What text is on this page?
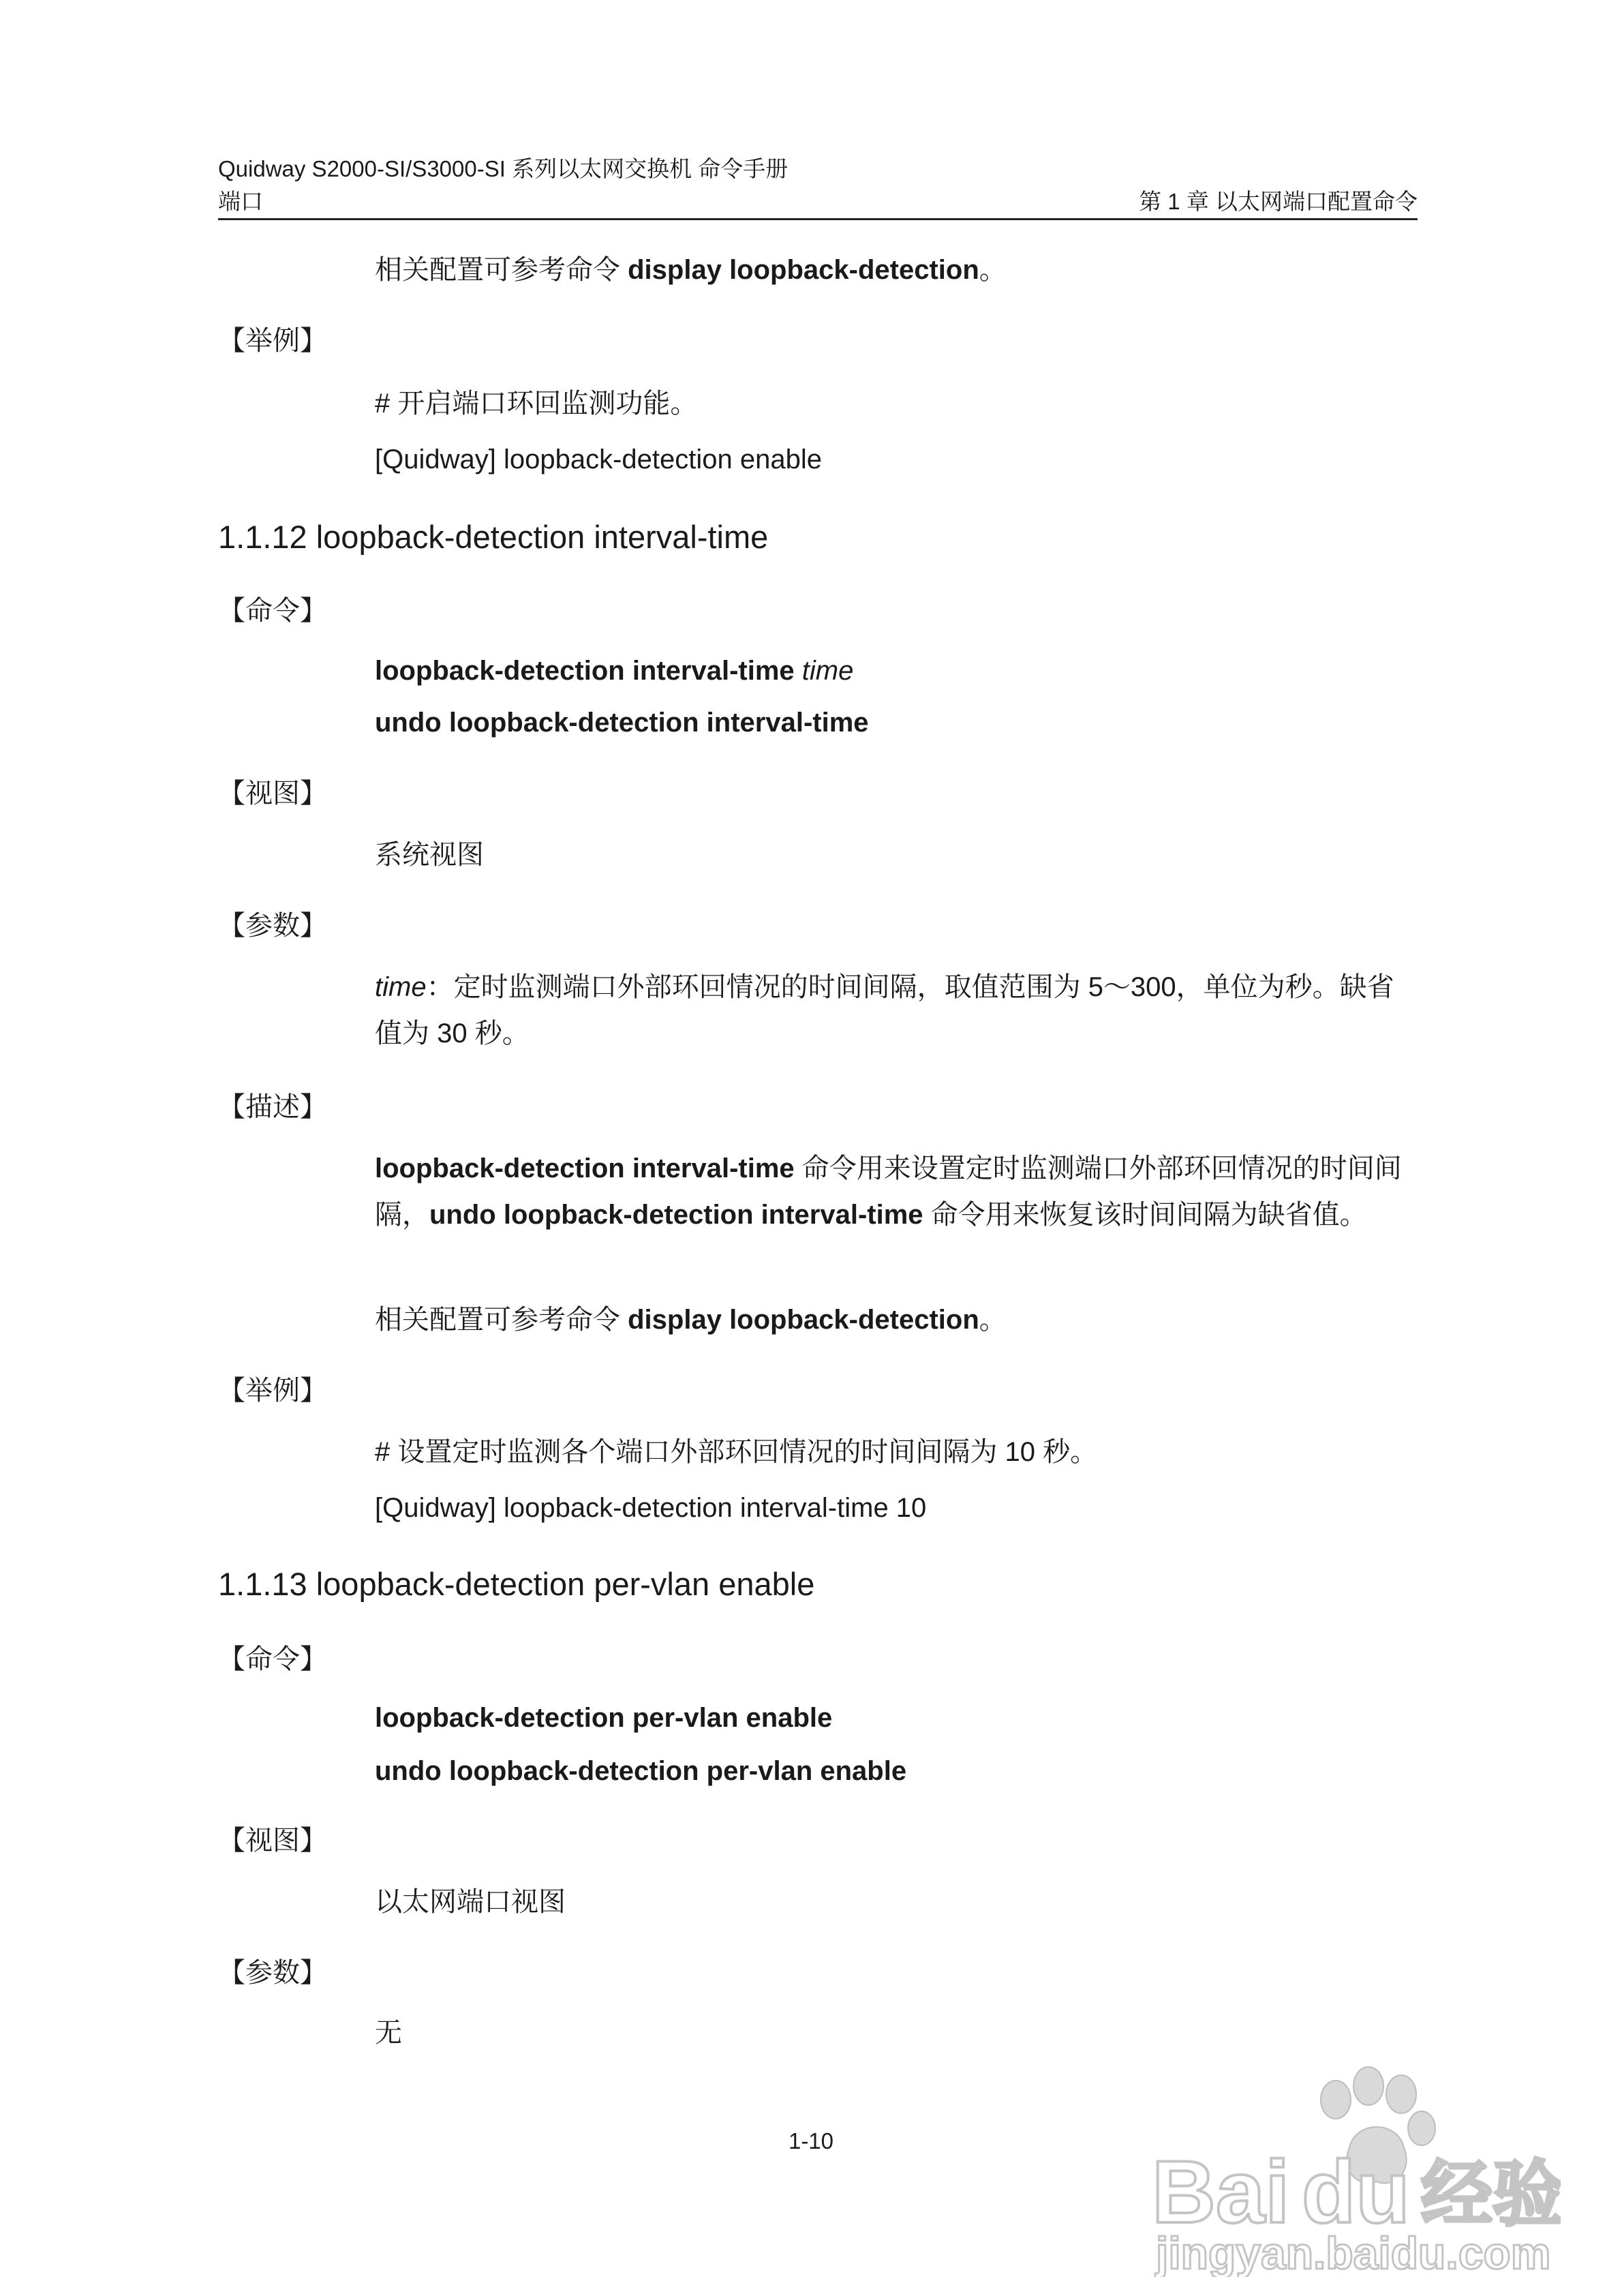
Quidway S2000-SI/S3000-SI 系列以太网交换机 命令手册
端口	第 1 章 以太网端口配置命令
相关配置可参考命令 display loopback-detection。
【举例】
# 开启端口环回监测功能。
[Quidway] loopback-detection enable
1.1.12 loopback-detection interval-time
【命令】
loopback-detection interval-time time
undo loopback-detection interval-time
【视图】
系统视图
【参数】
time：定时监测端口外部环回情况的时间间隔，取值范围为 5～300，单位为秒。缺省值为 30 秒。
【描述】
loopback-detection interval-time 命令用来设置定时监测端口外部环回情况的时间间隔，undo loopback-detection interval-time 命令用来恢复该时间间隔为缺省值。
相关配置可参考命令 display loopback-detection。
【举例】
# 设置定时监测各个端口外部环回情况的时间间隔为 10 秒。
[Quidway] loopback-detection interval-time 10
1.1.13 loopback-detection per-vlan enable
【命令】
loopback-detection per-vlan enable
undo loopback-detection per-vlan enable
【视图】
以太网端口视图
【参数】
无
1-10
Bai du 经验
jingyan.baidu.com
